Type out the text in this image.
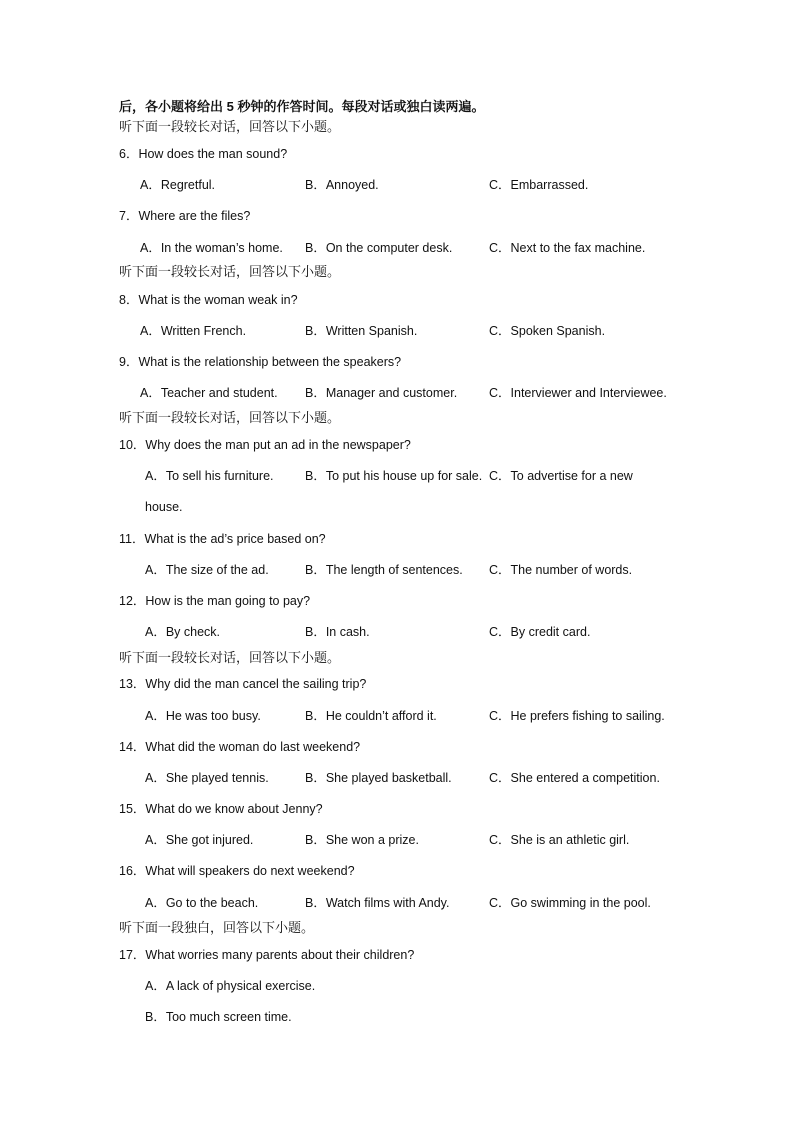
后，各小题将给出 5 秒钟的作答时间。每段对话或独白读两遍。
听下面一段较长对话，回答以下小题。
6．How does the man sound?
A．Regretful.	B．Annoyed.	C．Embarrassed.
7．Where are the files?
A．In the woman’s home. B．On the computer desk.	C．Next to the fax machine.
听下面一段较长对话，回答以下小题。
8．What is the woman weak in?
A．Written French.	B．Written Spanish.	C．Spoken Spanish.
9．What is the relationship between the speakers?
A．Teacher and student. B．Manager and customer.	C．Interviewer and Interviewee.
听下面一段较长对话，回答以下小题。
10．Why does the man put an ad in the newspaper?
A．To sell his furniture.	B．To put his house up for sale. C．To advertise for a new
house.
11．What is the ad’s price based on?
A．The size of the ad.	B．The length of sentences. C．The number of words.
12．How is the man going to pay?
A．By check.	B．In cash.	C．By credit card.
听下面一段较长对话，回答以下小题。
13．Why did the man cancel the sailing trip?
A．He was too busy.	B．He couldn’t afford it.	C．He prefers fishing to sailing.
14．What did the woman do last weekend?
A．She played tennis.	B．She played basketball.	C．She entered a competition.
15．What do we know about Jenny?
A．She got injured.	B．She won a prize.	C．She is an athletic girl.
16．What will speakers do next weekend?
A．Go to the beach.	B．Watch films with Andy.	C．Go swimming in the pool.
听下面一段独白，回答以下小题。
17．What worries many parents about their children?
A．A lack of physical exercise.
B．Too much screen time.
